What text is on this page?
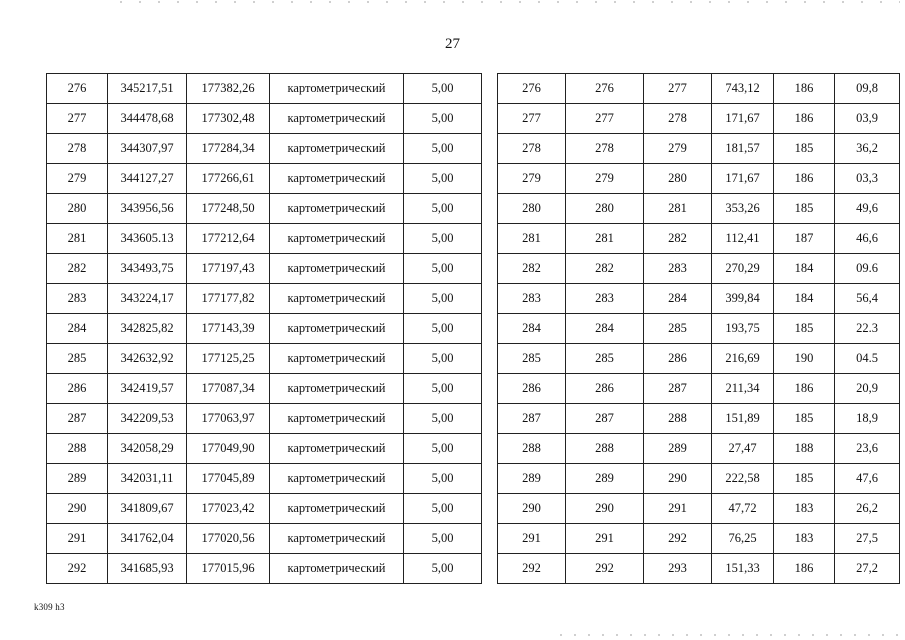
27
276	345217,51	177382,26	картометрический	5,00
277	344478,68	177302,48	картометрический	5,00
278	344307,97	177284,34	картометрический	5,00
279	344127,27	177266,61	картометрический	5,00
280	343956,56	177248,50	картометрический	5,00
281	343605.13	177212,64	картометрический	5,00
282	343493,75	177197,43	картометрический	5,00
283	343224,17	177177,82	картометрический	5,00
284	342825,82	177143,39	картометрический	5,00
285	342632,92	177125,25	картометрический	5,00
286	342419,57	177087,34	картометрический	5,00
287	342209,53	177063,97	картометрический	5,00
288	342058,29	177049,90	картометрический	5,00
289	342031,11	177045,89	картометрический	5,00
290	341809,67	177023,42	картометрический	5,00
291	341762,04	177020,56	картометрический	5,00
292	341685,93	177015,96	картометрический	5,00
276	276	277	743,12	186	09,8
277	277	278	171,67	186	03,9
278	278	279	181,57	185	36,2
279	279	280	171,67	186	03,3
280	280	281	353,26	185	49,6
281	281	282	112,41	187	46,6
282	282	283	270,29	184	09.6
283	283	284	399,84	184	56,4
284	284	285	193,75	185	22.3
285	285	286	216,69	190	04.5
286	286	287	211,34	186	20,9
287	287	288	151,89	185	18,9
288	288	289	27,47	188	23,6
289	289	290	222,58	185	47,6
290	290	291	47,72	183	26,2
291	291	292	76,25	183	27,5
292	292	293	151,33	186	27,2
k309 h3
